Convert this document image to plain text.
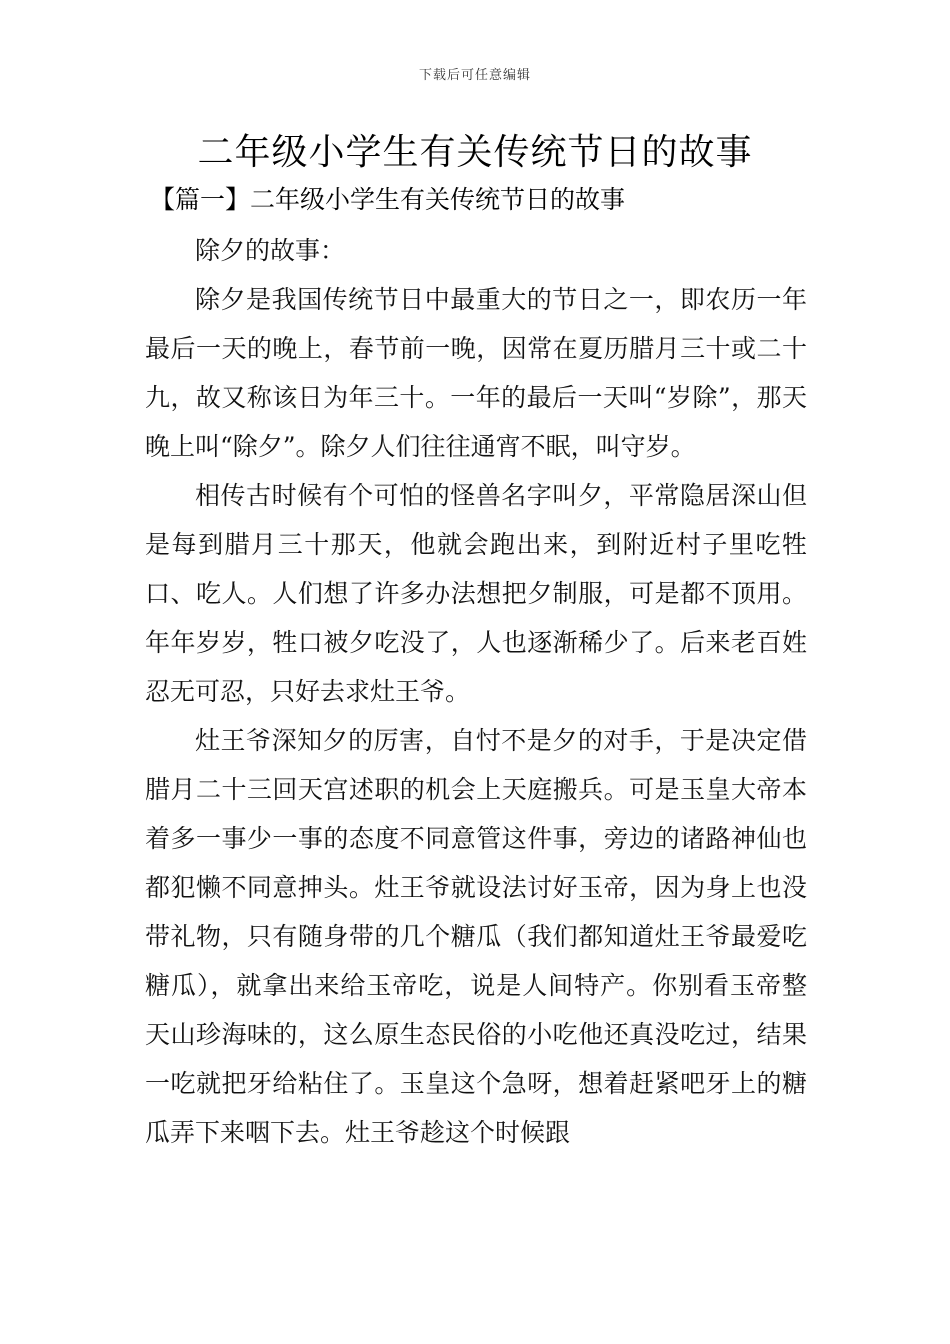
下载后可任意编辑
二年级小学生有关传统节日的故事
【篇一】二年级小学生有关传统节日的故事

除夕的故事：

除夕是我国传统节日中最重大的节日之一，即农历一年最后一天的晚上，春节前一晚，因常在夏历腊月三十或二十九，故又称该日为年三十。一年的最后一天叫“岁除”，那天晚上叫“除夕”。除夕人们往往通宵不眠，叫守岁。

相传古时候有个可怕的怪兽名字叫夕，平常隐居深山但是每到腊月三十那天，他就会跑出来，到附近村子里吃牲口、吃人。人们想了许多办法想把夕制服，可是都不顶用。年年岁岁，牲口被夕吃没了，人也逐渐稀少了。后来老百姓忍无可忍，只好去求灶王爷。

灶王爷深知夕的厉害，自忖不是夕的对手，于是决定借腊月二十三回天宫述职的机会上天庭搬兵。可是玉皇大帝本着多一事少一事的态度不同意管这件事，旁边的诸路神仙也都犯懒不同意抻头。灶王爷就设法讨好玉帝，因为身上也没带礼物，只有随身带的几个糖瓜（我们都知道灶王爷最爱吃糖瓜），就拿出来给玉帝吃，说是人间特产。你别看玉帝整天山珍海味的，这么原生态民俗的小吃他还真没吃过，结果一吃就把牙给粘住了。玉皇这个急呀，想着赶紧吧牙上的糖瓜弄下来咽下去。灶王爷趁这个时候跟
